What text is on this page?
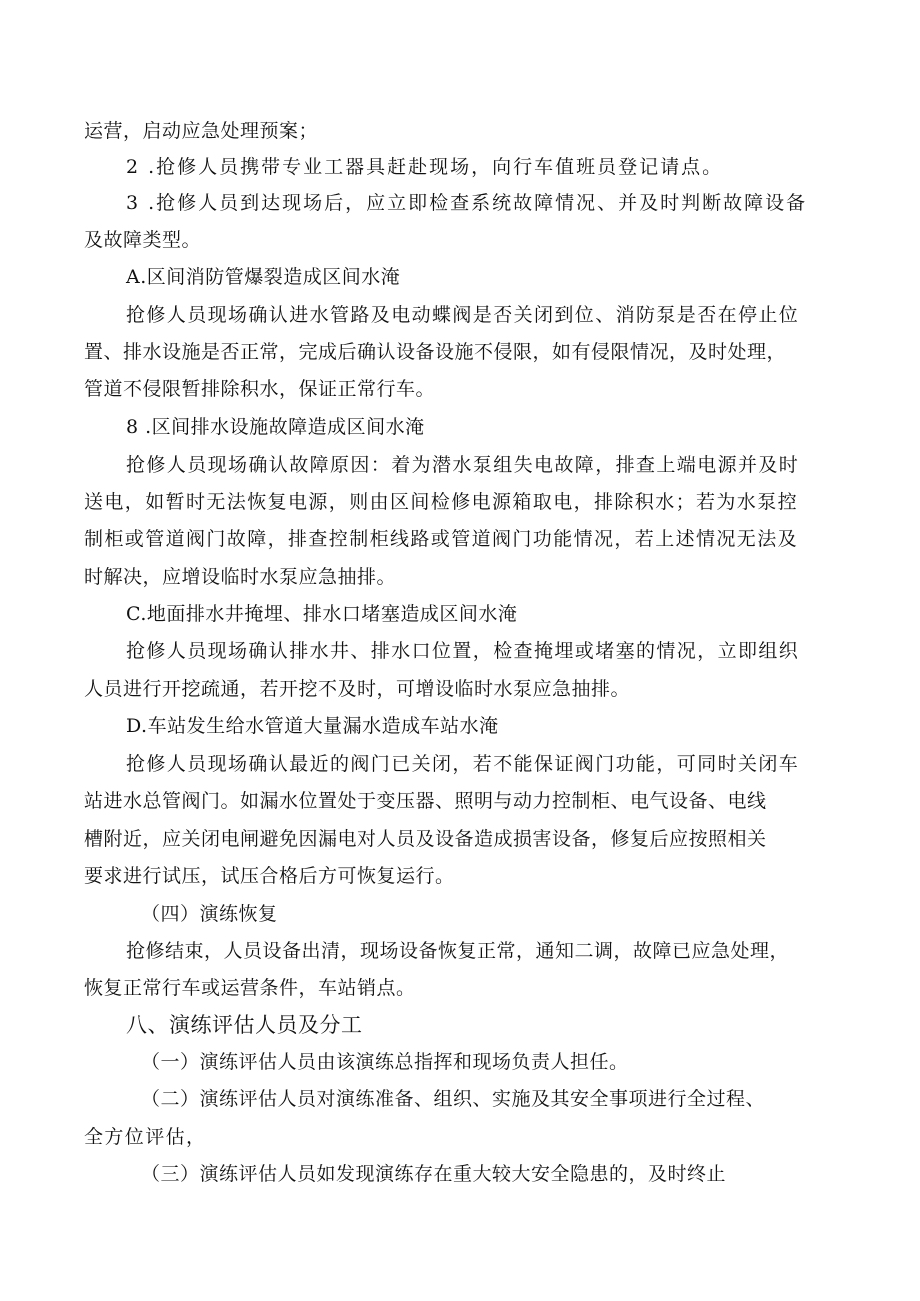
运营，启动应急处理预案；
2 .抢修人员携带专业工器具赶赴现场，向行车值班员登记请点。
3 .抢修人员到达现场后，应立即检查系统故障情况、并及时判断故障设备
及故障类型。
A.区间消防管爆裂造成区间水淹
抢修人员现场确认进水管路及电动蝶阀是否关闭到位、消防泵是否在停止位
置、排水设施是否正常，完成后确认设备设施不侵限，如有侵限情况，及时处理，
管道不侵限暂排除积水，保证正常行车。
8 .区间排水设施故障造成区间水淹
抢修人员现场确认故障原因：着为潜水泵组失电故障，排查上端电源并及时
送电，如暂时无法恢复电源，则由区间检修电源箱取电，排除积水；若为水泵控
制柜或管道阀门故障，排查控制柜线路或管道阀门功能情况，若上述情况无法及
时解决，应增设临时水泵应急抽排。
C.地面排水井掩埋、排水口堵塞造成区间水淹
抢修人员现场确认排水井、排水口位置，检查掩埋或堵塞的情况，立即组织
人员进行开挖疏通，若开挖不及时，可增设临时水泵应急抽排。
D.车站发生给水管道大量漏水造成车站水淹
抢修人员现场确认最近的阀门已关闭，若不能保证阀门功能，可同时关闭车
站进水总管阀门。如漏水位置处于变压器、照明与动力控制柜、电气设备、电线
槽附近，应关闭电闸避免因漏电对人员及设备造成损害设备，修复后应按照相关
要求进行试压，试压合格后方可恢复运行。
（四）演练恢复
抢修结束，人员设备出清，现场设备恢复正常，通知二调，故障已应急处理，
恢复正常行车或运营条件，车站销点。
八、演练评估人员及分工
（一）演练评估人员由该演练总指挥和现场负责人担任。
（二）演练评估人员对演练准备、组织、实施及其安全事项进行全过程、
全方位评估，
（三）演练评估人员如发现演练存在重大较大安全隐患的，及时终止
